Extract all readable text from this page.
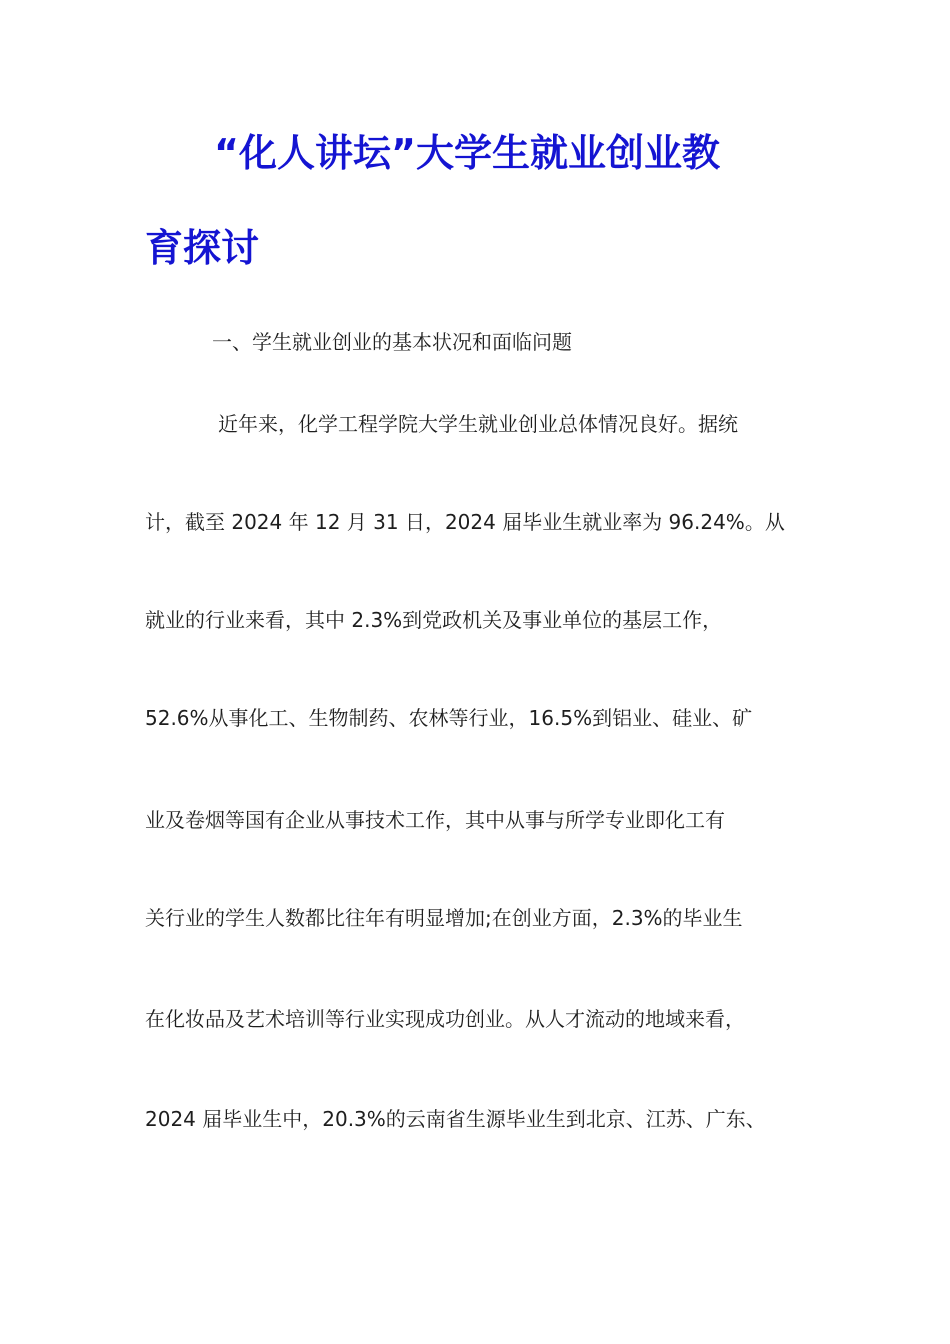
“化人讲坛”大学生就业创业教
育探讨

一、学生就业创业的基本状况和面临问题

近年来，化学工程学院大学生就业创业总体情况良好。据统

计，截至 2024 年 12 月 31 日，2024 届毕业生就业率为 96.24%。从

就业的行业来看，其中 2.3%到党政机关及事业单位的基层工作，

52.6%从事化工、生物制药、农林等行业，16.5%到铝业、硅业、矿

业及卷烟等国有企业从事技术工作，其中从事与所学专业即化工有

关行业的学生人数都比往年有明显增加;在创业方面，2.3%的毕业生

在化妆品及艺术培训等行业实现成功创业。从人才流动的地域来看，

2024 届毕业生中，20.3%的云南省生源毕业生到北京、江苏、广东、
